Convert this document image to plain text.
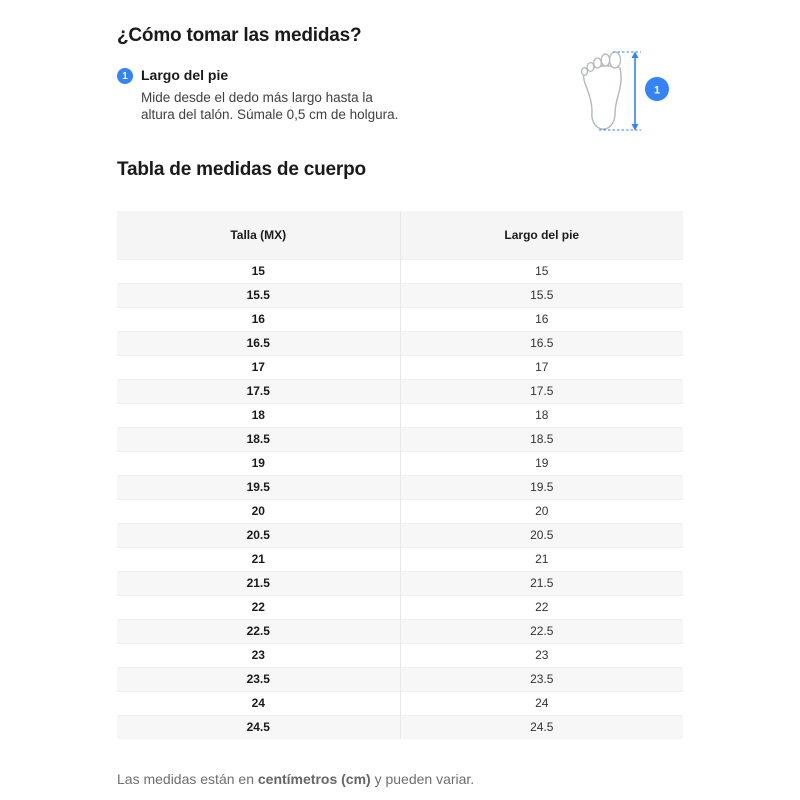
¿Cómo tomar las medidas?
1 Largo del pie
Mide desde el dedo más largo hasta la
altura del talón. Súmale 0,5 cm de holgura.
1
Tabla de medidas de cuerpo
Talla (MX)	Largo del pie
15	15
15.5	15.5
16	16
16.5	16.5
17	17
17.5	17.5
18	18
18.5	18.5
19	19
19.5	19.5
20	20
20.5	20.5
21	21
21.5	21.5
22	22
22.5	22.5
23	23
23.5	23.5
24	24
24.5	24.5

Las medidas están en centímetros (cm) y pueden variar.
